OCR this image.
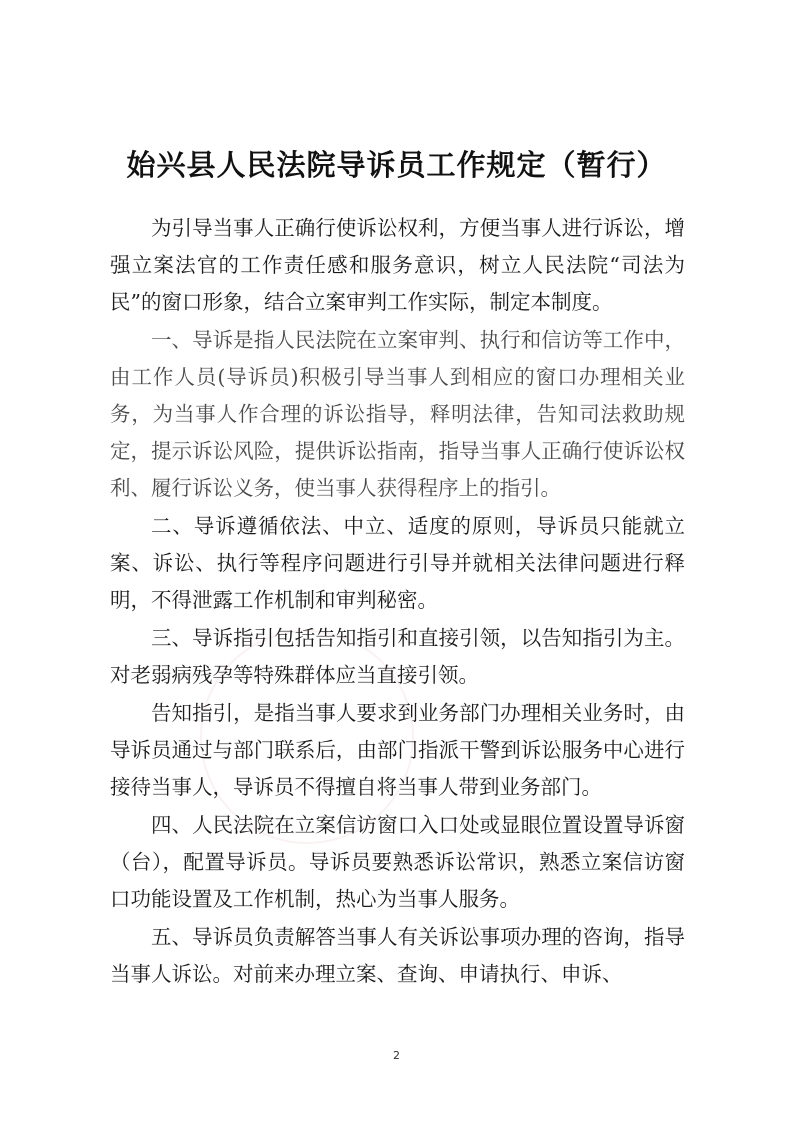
始兴县人民法院导诉员工作规定（暂行）

为引导当事人正确行使诉讼权利，方便当事人进行诉讼，增强立案法官的工作责任感和服务意识，树立人民法院“司法为民”的窗口形象，结合立案审判工作实际，制定本制度。

一、导诉是指人民法院在立案审判、执行和信访等工作中，由工作人员(导诉员)积极引导当事人到相应的窗口办理相关业务，为当事人作合理的诉讼指导，释明法律，告知司法救助规定，提示诉讼风险，提供诉讼指南，指导当事人正确行使诉讼权利、履行诉讼义务，使当事人获得程序上的指引。

二、导诉遵循依法、中立、适度的原则，导诉员只能就立案、诉讼、执行等程序问题进行引导并就相关法律问题进行释明，不得泄露工作机制和审判秘密。

三、导诉指引包括告知指引和直接引领，以告知指引为主。对老弱病残孕等特殊群体应当直接引领。

告知指引，是指当事人要求到业务部门办理相关业务时，由导诉员通过与部门联系后，由部门指派干警到诉讼服务中心进行接待当事人，导诉员不得擅自将当事人带到业务部门。

四、人民法院在立案信访窗口入口处或显眼位置设置导诉窗（台），配置导诉员。导诉员要熟悉诉讼常识，熟悉立案信访窗口功能设置及工作机制，热心为当事人服务。

五、导诉员负责解答当事人有关诉讼事项办理的咨询，指导当事人诉讼。对前来办理立案、查询、申请执行、申诉、

2
